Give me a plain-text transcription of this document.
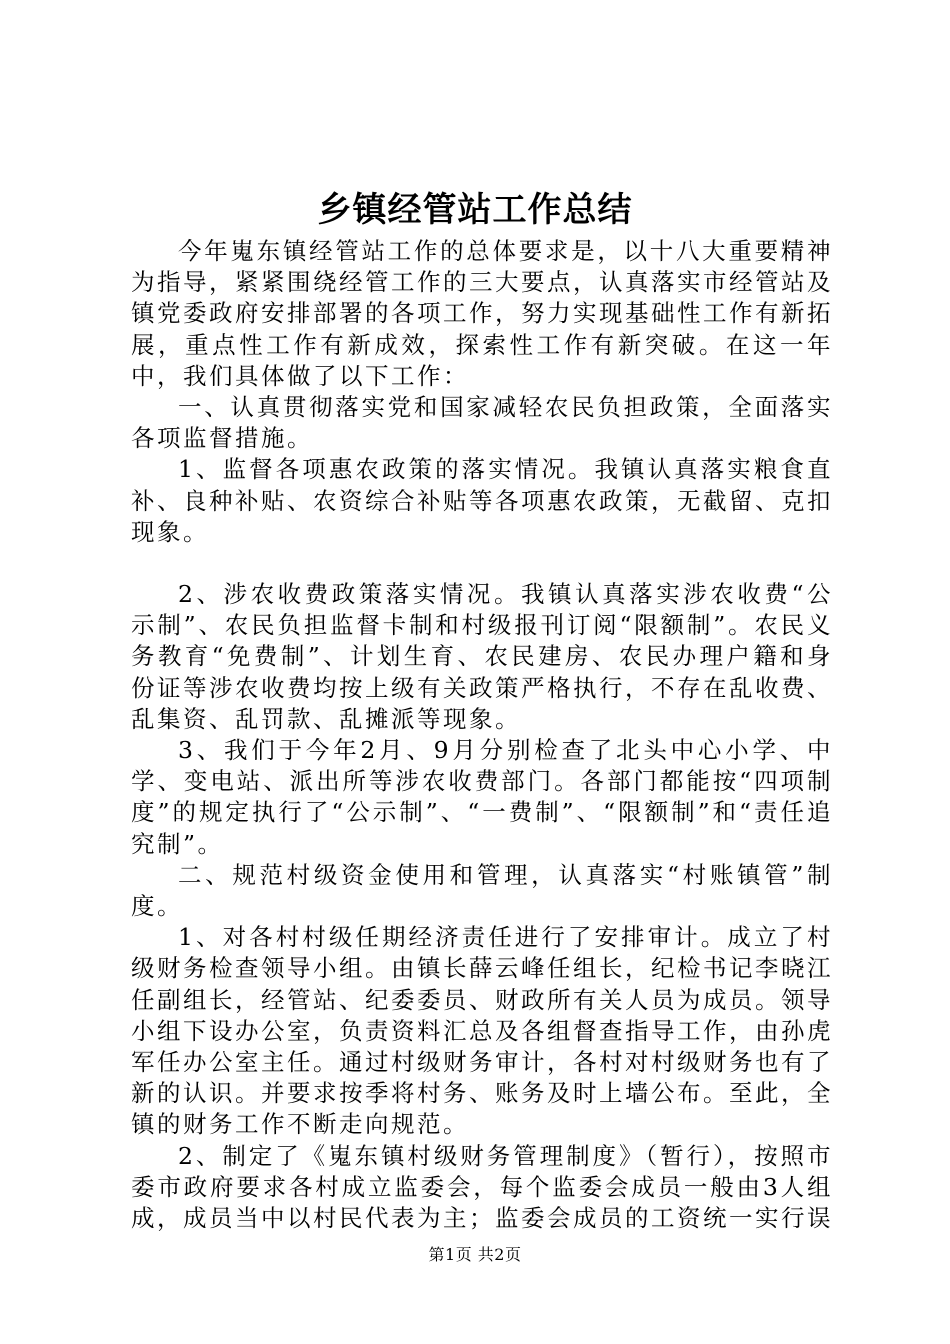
乡镇经管站工作总结

今年嵬东镇经管站工作的总体要求是，以十八大重要精神为指导，紧紧围绕经管工作的三大要点，认真落实市经管站及镇党委政府安排部署的各项工作，努力实现基础性工作有新拓展，重点性工作有新成效，探索性工作有新突破。在这一年中，我们具体做了以下工作：

一、认真贯彻落实党和国家减轻农民负担政策，全面落实各项监督措施。

1、监督各项惠农政策的落实情况。我镇认真落实粮食直补、良种补贴、农资综合补贴等各项惠农政策，无截留、克扣现象。

2、涉农收费政策落实情况。我镇认真落实涉农收费“公示制”、农民负担监督卡制和村级报刊订阅“限额制”。农民义务教育“免费制”、计划生育、农民建房、农民办理户籍和身份证等涉农收费均按上级有关政策严格执行，不存在乱收费、乱集资、乱罚款、乱摊派等现象。

3、我们于今年2月、9月分别检查了北头中心小学、中学、变电站、派出所等涉农收费部门。各部门都能按“四项制度”的规定执行了“公示制”、“一费制”、“限额制”和“责任追究制”。

二、规范村级资金使用和管理，认真落实“村账镇管”制度。

1、对各村村级任期经济责任进行了安排审计。成立了村级财务检查领导小组。由镇长薛云峰任组长，纪检书记李晓江任副组长，经管站、纪委委员、财政所有关人员为成员。领导小组下设办公室，负责资料汇总及各组督查指导工作，由孙虎军任办公室主任。通过村级财务审计，各村对村级财务也有了新的认识。并要求按季将村务、账务及时上墙公布。至此，全镇的财务工作不断走向规范。

2、制定了《嵬东镇村级财务管理制度》（暂行），按照市委市政府要求各村成立监委会，每个监委会成员一般由3人组成，成员当中以村民代表为主；监委会成员的工资统一实行误

第1页 共2页
